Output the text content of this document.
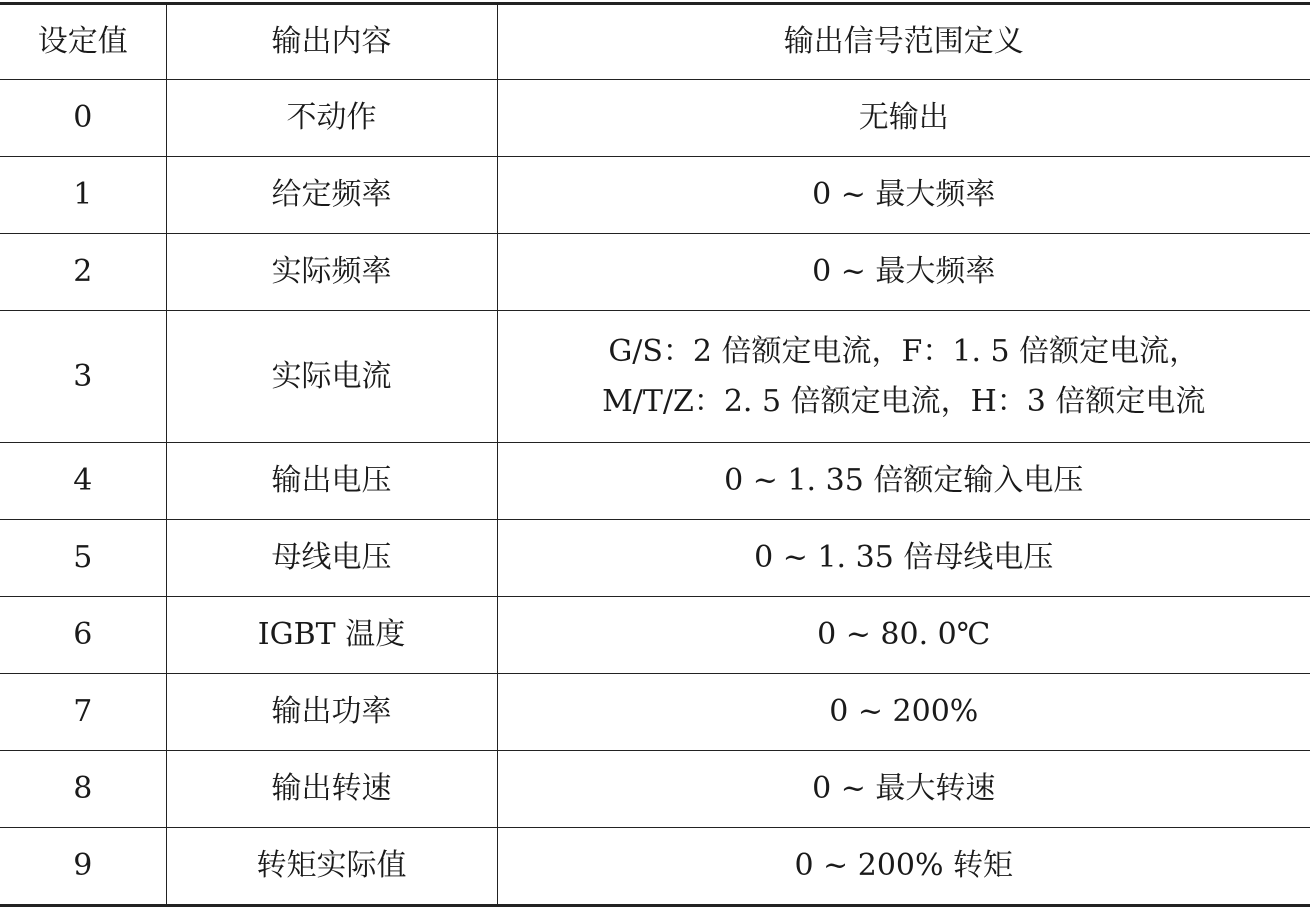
设定值	输出内容	输出信号范围定义
0	不动作	无输出
1	给定频率	0 ~ 最大频率
2	实际频率	0 ~ 最大频率
3	实际电流	G/S：2 倍额定电流，F：1. 5 倍额定电流，
M/T/Z：2. 5 倍额定电流，H：3 倍额定电流

4	输出电压	0 ~ 1. 35 倍额定输入电压
5	母线电压	0 ~ 1. 35 倍母线电压
6	IGBT 温度	0 ~ 80. 0℃
7	输出功率	0 ~ 200%
8	输出转速	0 ~ 最大转速
9	转矩实际值	0 ~ 200% 转矩
